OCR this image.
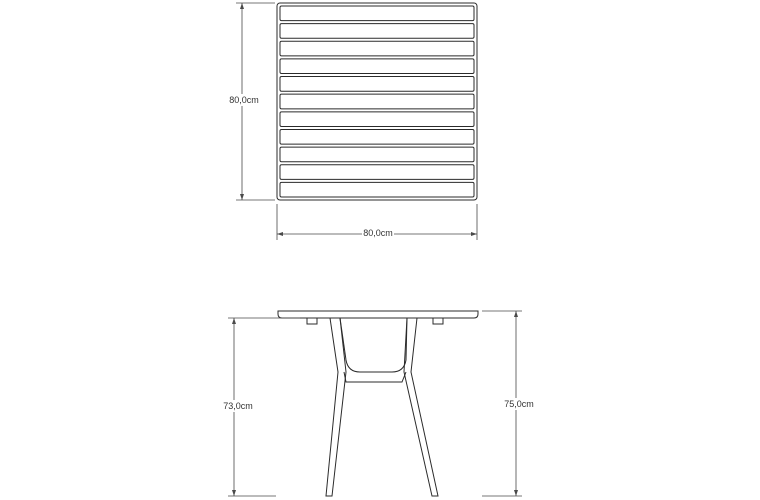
80,0cm
80,0cm
73,0cm	75,0cm
